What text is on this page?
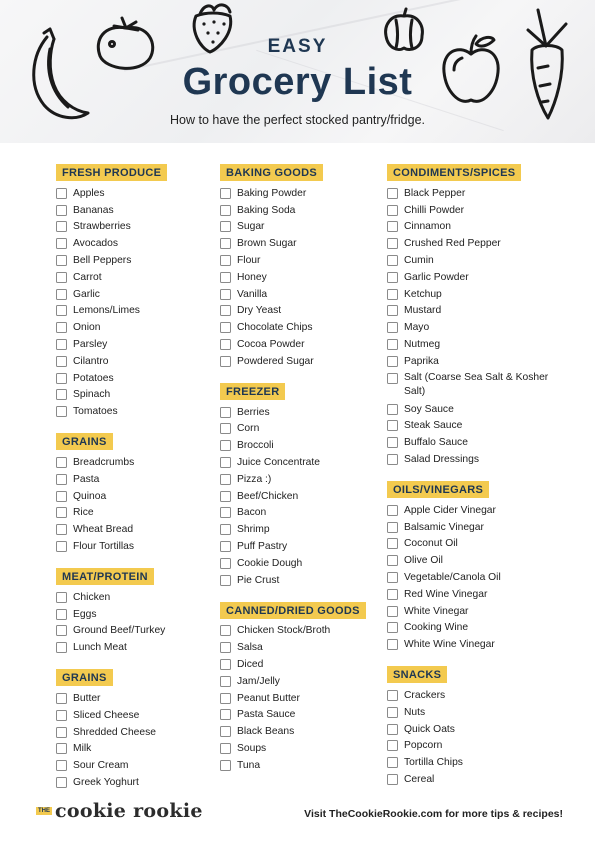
EASY
Grocery List
How to have the perfect stocked pantry/fridge.
FRESH PRODUCE
Apples
Bananas
Strawberries
Avocados
Bell Peppers
Carrot
Garlic
Lemons/Limes
Onion
Parsley
Cilantro
Potatoes
Spinach
Tomatoes
GRAINS
Breadcrumbs
Pasta
Quinoa
Rice
Wheat Bread
Flour Tortillas
MEAT/PROTEIN
Chicken
Eggs
Ground Beef/Turkey
Lunch Meat
GRAINS
Butter
Sliced Cheese
Shredded Cheese
Milk
Sour Cream
Greek Yoghurt
BAKING GOODS
Baking Powder
Baking Soda
Sugar
Brown Sugar
Flour
Honey
Vanilla
Dry Yeast
Chocolate Chips
Cocoa Powder
Powdered Sugar
FREEZER
Berries
Corn
Broccoli
Juice Concentrate
Pizza :)
Beef/Chicken
Bacon
Shrimp
Puff Pastry
Cookie Dough
Pie Crust
CANNED/DRIED GOODS
Chicken Stock/Broth
Salsa
Diced
Jam/Jelly
Peanut Butter
Pasta Sauce
Black Beans
Soups
Tuna
CONDIMENTS/SPICES
Black Pepper
Chilli Powder
Cinnamon
Crushed Red Pepper
Cumin
Garlic Powder
Ketchup
Mustard
Mayo
Nutmeg
Paprika
Salt (Coarse Sea Salt & Kosher Salt)
Soy Sauce
Steak Sauce
Buffalo Sauce
Salad Dressings
OILS/VINEGARS
Apple Cider Vinegar
Balsamic Vinegar
Coconut Oil
Olive Oil
Vegetable/Canola Oil
Red Wine Vinegar
White Vinegar
Cooking Wine
White Wine Vinegar
SNACKS
Crackers
Nuts
Quick Oats
Popcorn
Tortilla Chips
Cereal
THE cookie rookie	Visit TheCookieRookie.com for more tips & recipes!
